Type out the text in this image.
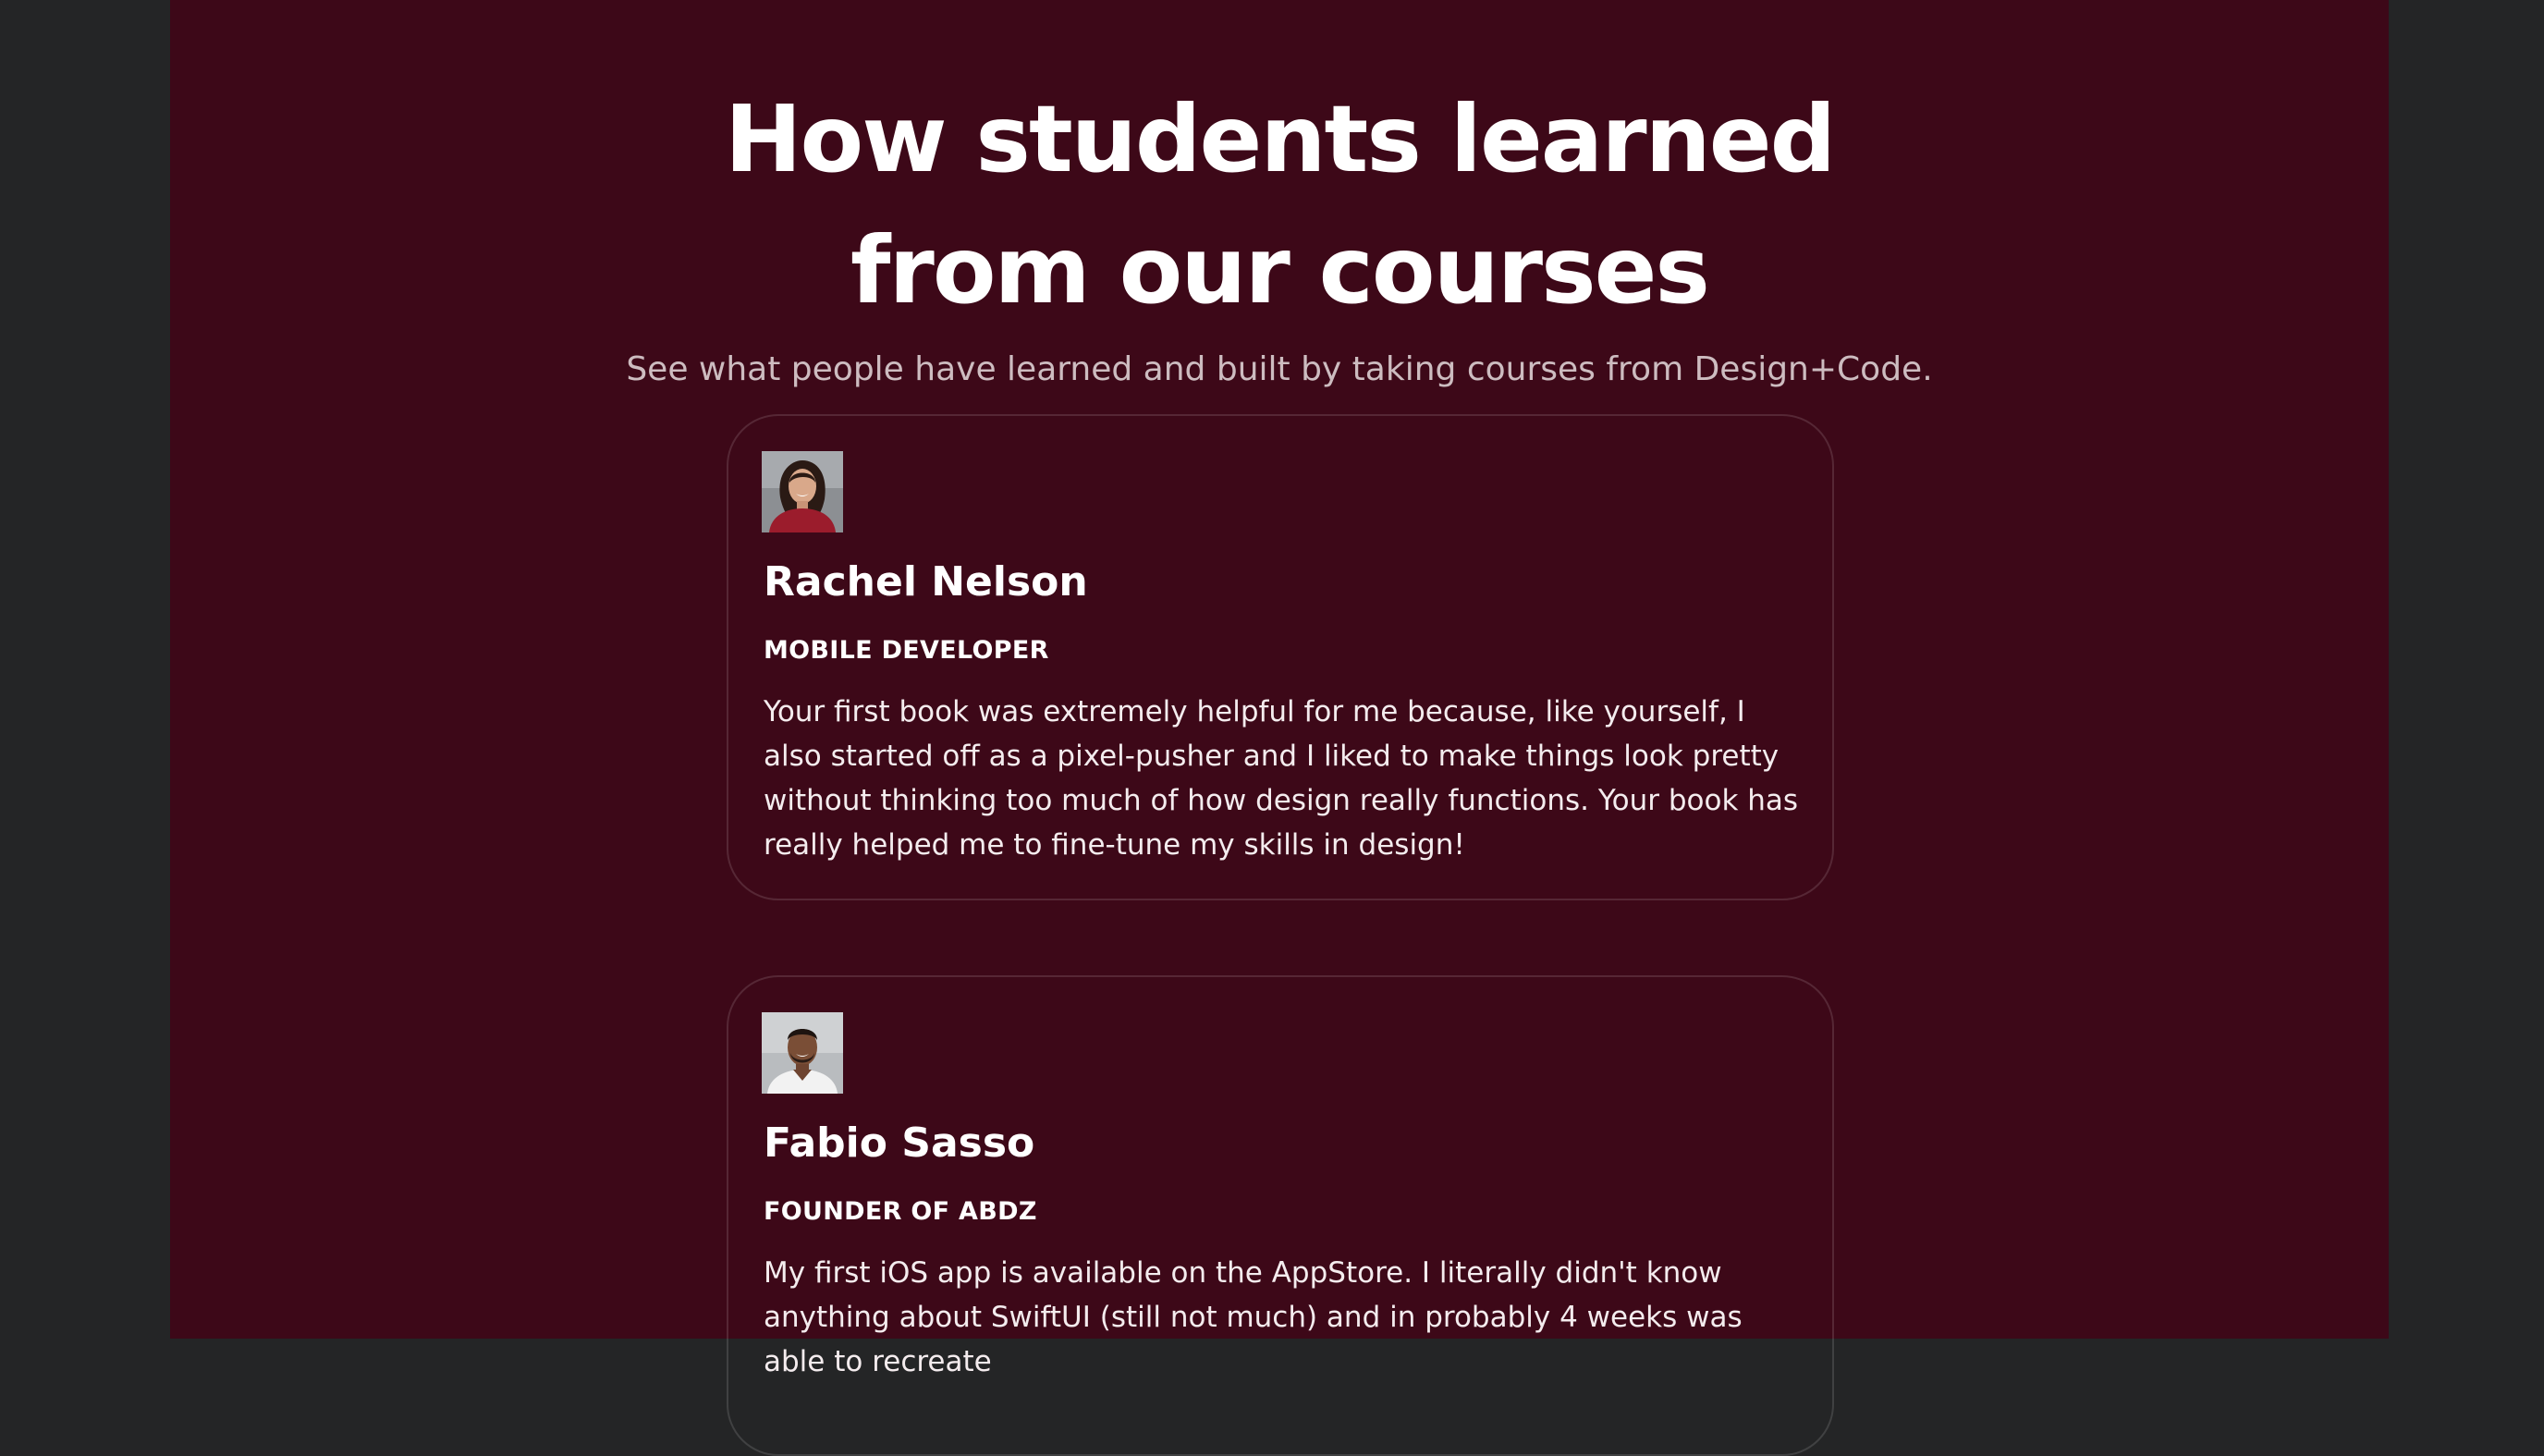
How students learned
from our courses

See what people have learned and built by taking courses from Design+Code.

Rachel Nelson
MOBILE DEVELOPER

Your first book was extremely helpful for me because, like yourself, I also started off as a pixel-pusher and I liked to make things look pretty without thinking too much of how design really functions. Your book has really helped me to fine-tune my skills in design!

Fabio Sasso
FOUNDER OF ABDZ

My first iOS app is available on the AppStore. I literally didn't know anything about SwiftUI (still not much) and in probably 4 weeks was able to recreate
